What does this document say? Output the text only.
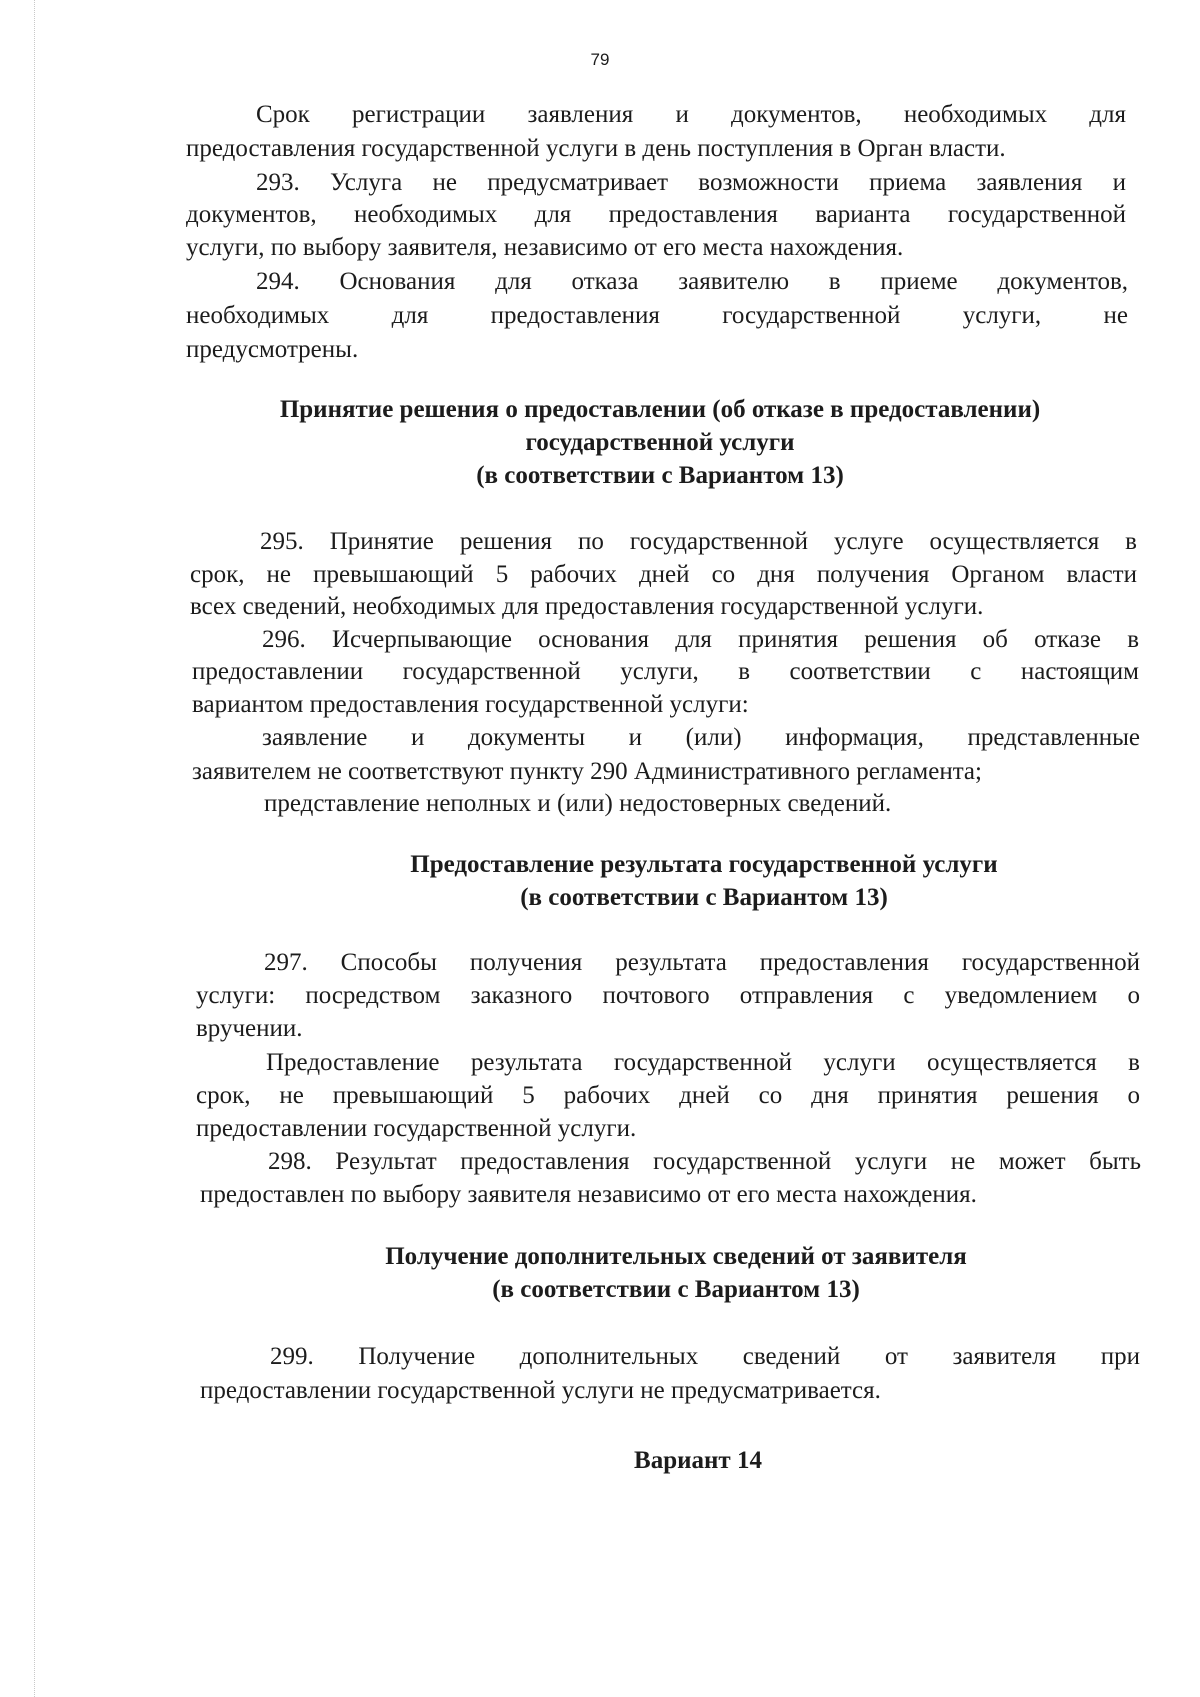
79
Срок регистрации заявления и документов, необходимых для
предоставления государственной услуги в день поступления в Орган власти.
293. Услуга не предусматривает возможности приема заявления и
документов, необходимых для предоставления варианта государственной
услуги, по выбору заявителя, независимо от его места нахождения.
294. Основания для отказа заявителю в приеме документов,
необходимых для предоставления государственной услуги, не
предусмотрены.
Принятие решения о предоставлении (об отказе в предоставлении)
государственной услуги
(в соответствии с Вариантом 13)
295. Принятие решения по государственной услуге осуществляется в
срок, не превышающий 5 рабочих дней со дня получения Органом власти
всех сведений, необходимых для предоставления государственной услуги.
296. Исчерпывающие основания для принятия решения об отказе в
предоставлении государственной услуги, в соответствии с настоящим
вариантом предоставления государственной услуги:
заявление и документы и (или) информация, представленные
заявителем не соответствуют пункту 290 Административного регламента;
представление неполных и (или) недостоверных сведений.
Предоставление результата государственной услуги
(в соответствии с Вариантом 13)
297. Способы получения результата предоставления государственной
услуги: посредством заказного почтового отправления с уведомлением о
вручении.
Предоставление результата государственной услуги осуществляется в
срок, не превышающий 5 рабочих дней со дня принятия решения о
предоставлении государственной услуги.
298. Результат предоставления государственной услуги не может быть
предоставлен по выбору заявителя независимо от его места нахождения.
Получение дополнительных сведений от заявителя
(в соответствии с Вариантом 13)
299. Получение дополнительных сведений от заявителя при
предоставлении государственной услуги не предусматривается.
Вариант 14
